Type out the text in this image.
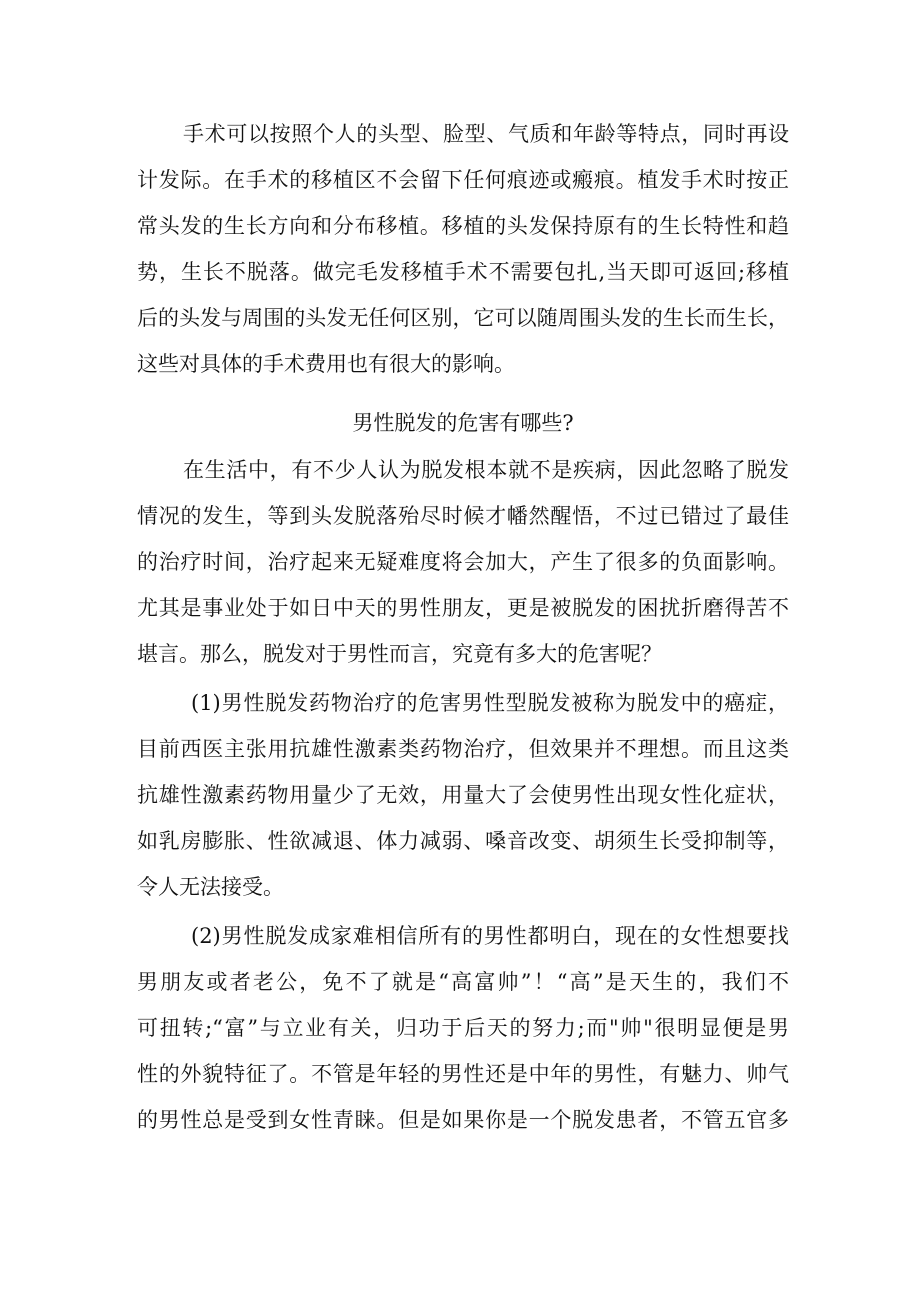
手术可以按照个人的头型、脸型、气质和年龄等特点，同时再设
计发际。在手术的移植区不会留下任何痕迹或瘢痕。植发手术时按正
常头发的生长方向和分布移植。移植的头发保持原有的生长特性和趋
势，生长不脱落。做完毛发移植手术不需要包扎,当天即可返回;移植
后的头发与周围的头发无任何区别，它可以随周围头发的生长而生长，
这些对具体的手术费用也有很大的影响。
男性脱发的危害有哪些?
在生活中，有不少人认为脱发根本就不是疾病，因此忽略了脱发
情况的发生，等到头发脱落殆尽时候才幡然醒悟，不过已错过了最佳
的治疗时间，治疗起来无疑难度将会加大，产生了很多的负面影响。
尤其是事业处于如日中天的男性朋友，更是被脱发的困扰折磨得苦不
堪言。那么，脱发对于男性而言，究竟有多大的危害呢？
(1)男性脱发药物治疗的危害男性型脱发被称为脱发中的癌症，
目前西医主张用抗雄性激素类药物治疗，但效果并不理想。而且这类
抗雄性激素药物用量少了无效，用量大了会使男性出现女性化症状，
如乳房膨胀、性欲减退、体力减弱、嗓音改变、胡须生长受抑制等，
令人无法接受。
(2)男性脱发成家难相信所有的男性都明白，现在的女性想要找
男朋友或者老公，免不了就是“高富帅”！“高”是天生的，我们不
可扭转;“富”与立业有关，归功于后天的努力;而"帅"很明显便是男
性的外貌特征了。不管是年轻的男性还是中年的男性，有魅力、帅气
的男性总是受到女性青睐。但是如果你是一个脱发患者，不管五官多
